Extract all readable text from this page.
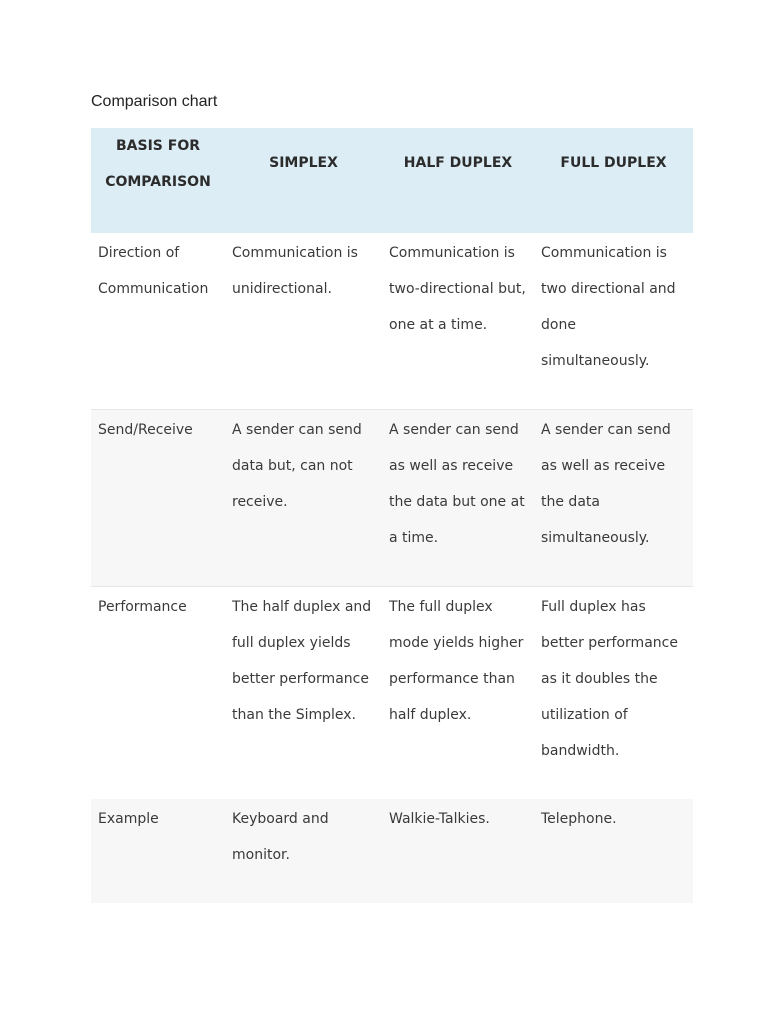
Comparison chart
BASIS FOR COMPARISON	SIMPLEX	HALF DUPLEX	FULL DUPLEX
Direction of Communication	Communication is unidirectional.	Communication is two-directional but, one at a time.	Communication is two directional and done simultaneously.
Send/Receive	A sender can send data but, can not receive.	A sender can send as well as receive the data but one at a time.	A sender can send as well as receive the data simultaneously.
Performance	The half duplex and full duplex yields better performance than the Simplex.	The full duplex mode yields higher performance than half duplex.	Full duplex has better performance as it doubles the utilization of bandwidth.
Example	Keyboard and monitor.	Walkie-Talkies.	Telephone.
